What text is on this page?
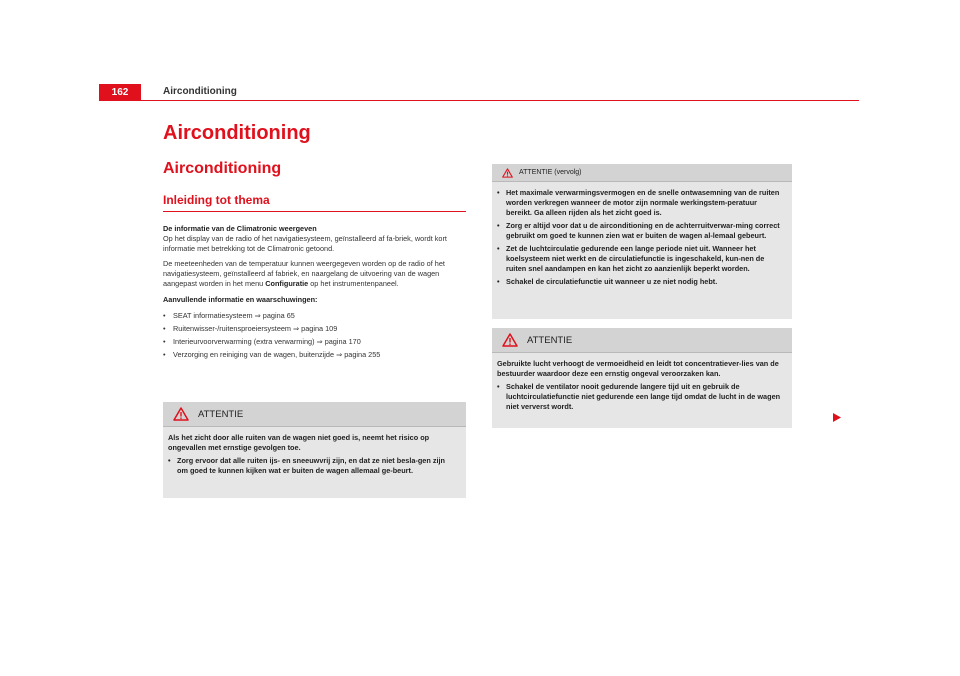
162	Airconditioning
Airconditioning
Airconditioning
Inleiding tot thema

De informatie van de Climatronic weergeven

Op het display van de radio of het navigatiesysteem, geïnstalleerd af fa-briek, wordt kort informatie met betrekking tot de Climatronic getoond.

De meeteenheden van de temperatuur kunnen weergegeven worden op de radio of het navigatiesysteem, geïnstalleerd af fabriek, en naargelang de uitvoering van de wagen aangepast worden in het menu Configuratie op het instrumentenpaneel.

Aanvullende informatie en waarschuwingen:

• SEAT informatiesysteem ⇒ pagina 65
• Ruitenwisser-/ruitensproeiersysteem ⇒ pagina 109
• Interieurvoorverwarming (extra verwarming) ⇒ pagina 170
• Verzorging en reiniging van de wagen, buitenzijde ⇒ pagina 255
ATTENTIE

Als het zicht door alle ruiten van de wagen niet goed is, neemt het risico op ongevallen met ernstige gevolgen toe.

• Zorg ervoor dat alle ruiten ijs- en sneeuwvrij zijn, en dat ze niet besla-gen zijn om goed te kunnen kijken wat er buiten de wagen allemaal ge-beurt.

ATTENTIE (vervolg)

• Het maximale verwarmingsvermogen en de snelle ontwasemning van de ruiten worden verkregen wanneer de motor zijn normale werkingstem-peratuur bereikt. Ga alleen rijden als het zicht goed is.

• Zorg er altijd voor dat u de airconditioning en de achterruitverwar-ming correct gebruikt om goed te kunnen zien wat er buiten de wagen al-lemaal gebeurt.

• Zet de luchtcirculatie gedurende een lange periode niet uit. Wanneer het koelsysteem niet werkt en de circulatiefunctie is ingeschakeld, kun-nen de ruiten snel aandampen en kan het zicht zo aanzienlijk beperkt worden.

• Schakel de circulatiefunctie uit wanneer u ze niet nodig hebt.

ATTENTIE

Gebruikte lucht verhoogt de vermoeidheid en leidt tot concentratiever-lies van de bestuurder waardoor deze een ernstig ongeval veroorzaken kan.

• Schakel de ventilator nooit gedurende langere tijd uit en gebruik de luchtcirculatiefunctie niet gedurende een lange tijd omdat de lucht in de wagen niet ververst wordt.
